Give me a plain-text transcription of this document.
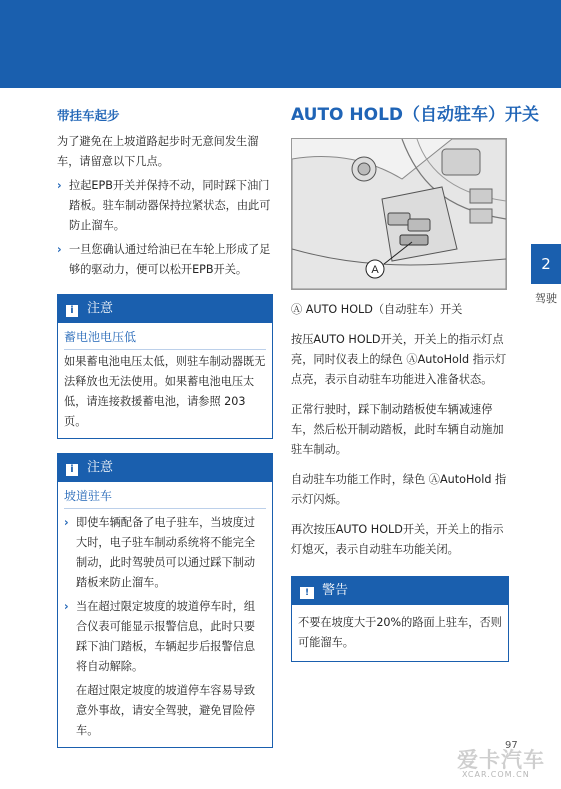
带挂车起步

为了避免在上坡道路起步时无意间发生溜车，请留意以下几点。

› 拉起EPB开关并保持不动，同时踩下油门踏板。驻车制动器保持拉紧状态，由此可防止溜车。
› 一旦您确认通过给油已在车轮上形成了足够的驱动力，便可以松开EPB开关。
i 注意
蓄电池电压低

如果蓄电池电压太低，则驻车制动器既无法释放也无法使用。如果蓄电池电压太低，请连接救援蓄电池，请参照 203 页。

i 注意
坡道驻车
› 即使车辆配备了电子驻车，当坡度过大时，电子驻车制动系统将不能完全制动，此时驾驶员可以通过踩下制动踏板来防止溜车。
› 当在超过限定坡度的坡道停车时，组合仪表可能显示报警信息，此时只要踩下油门踏板，车辆起步后报警信息将自动解除。

在超过限定坡度的坡道停车容易导致意外事故，请安全驾驶，避免冒险停车。

AUTO HOLD（自动驻车）开关
A

Ⓐ AUTO HOLD（自动驻车）开关

按压AUTO HOLD开关，开关上的指示灯点亮，同时仪表上的绿色 ⒶAutoHold 指示灯点亮，表示自动驻车功能进入准备状态。

正常行驶时，踩下制动踏板使车辆减速停车，然后松开制动踏板，此时车辆自动施加驻车制动。

自动驻车功能工作时，绿色 ⒶAutoHold 指示灯闪烁。

再次按压AUTO HOLD开关，开关上的指示灯熄灭，表示自动驻车功能关闭。

! 警告
不要在坡度大于20%的路面上驻车，否则可能溜车。
2
驾驶
97
爱卡汽车
XCAR.COM.CN
